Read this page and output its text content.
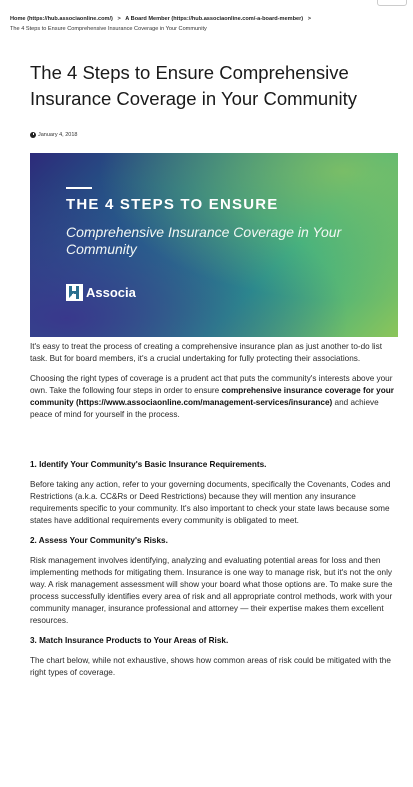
Home (https://hub.associaonline.com/) > A Board Member (https://hub.associaonline.com/-a-board-member) >
The 4 Steps to Ensure Comprehensive Insurance Coverage in Your Community
The 4 Steps to Ensure Comprehensive Insurance Coverage in Your Community
January 4, 2018
THE 4 STEPS TO ENSURE
Comprehensive Insurance Coverage in Your Community
Associa

It's easy to treat the process of creating a comprehensive insurance plan as just another to-do list task. But for board members, it's a crucial undertaking for fully protecting their associations.

Choosing the right types of coverage is a prudent act that puts the community's interests above your own. Take the following four steps in order to ensure comprehensive insurance coverage for your community (https://www.associaonline.com/management-services/insurance) and achieve peace of mind for yourself in the process.

1. Identify Your Community's Basic Insurance Requirements.

Before taking any action, refer to your governing documents, specifically the Covenants, Codes and Restrictions (a.k.a. CC&Rs or Deed Restrictions) because they will mention any insurance requirements specific to your community. It's also important to check your state laws because some states have additional requirements every community is obligated to meet.

2. Assess Your Community's Risks.

Risk management involves identifying, analyzing and evaluating potential areas for loss and then implementing methods for mitigating them. Insurance is one way to manage risk, but it's not the only way. A risk management assessment will show your board what those options are. To make sure the process successfully identifies every area of risk and all appropriate control methods, work with your community manager, insurance professional and attorney — their expertise makes them excellent resources.

3. Match Insurance Products to Your Areas of Risk.

The chart below, while not exhaustive, shows how common areas of risk could be mitigated with the right types of coverage.
